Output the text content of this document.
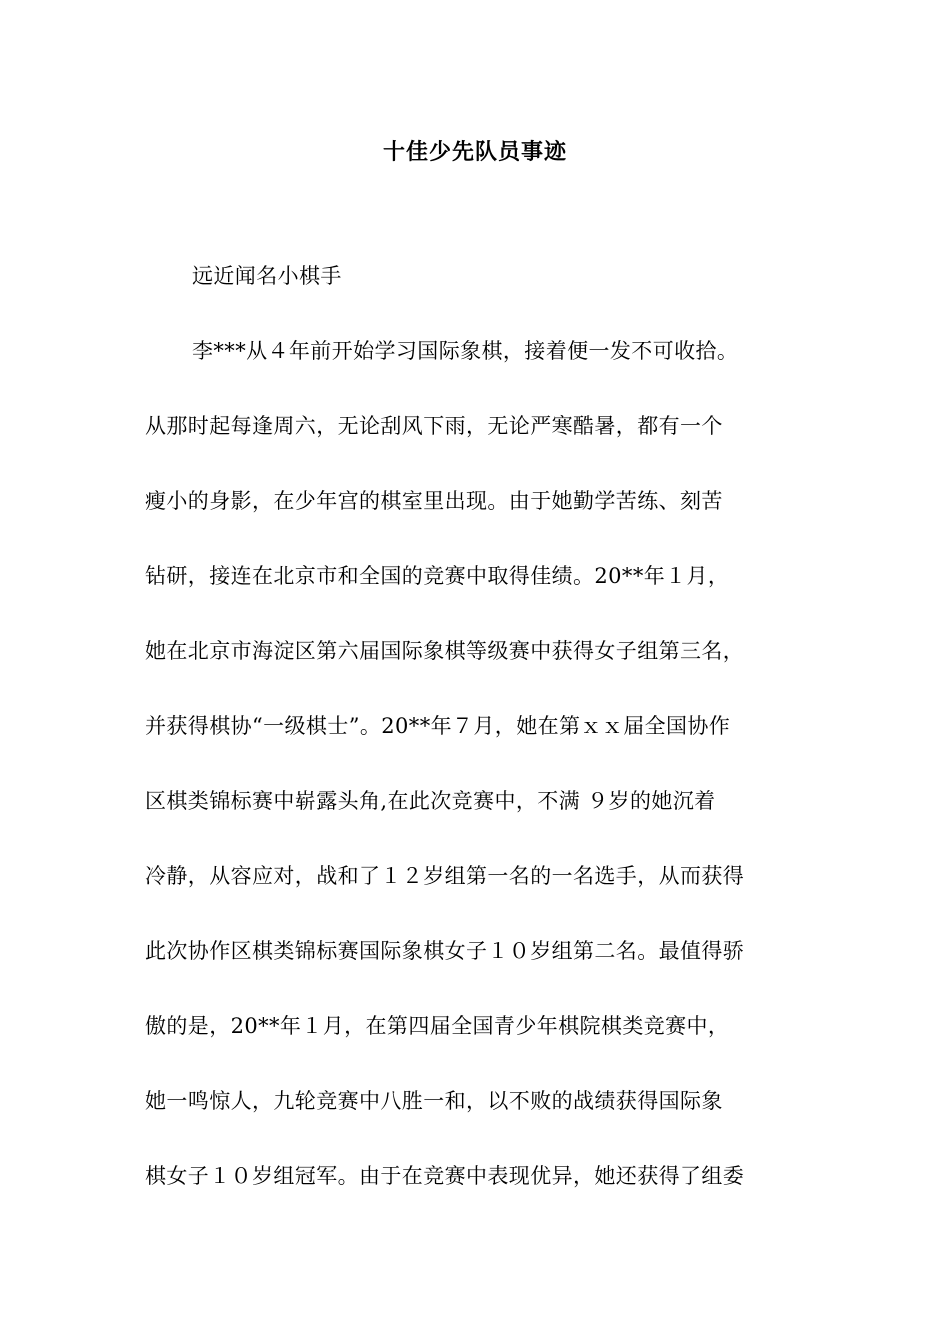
十佳少先队员事迹
远近闻名小棋手
李***从４年前开始学习国际象棋，接着便一发不可收拾。
从那时起每逢周六，无论刮风下雨，无论严寒酷暑，都有一个
瘦小的身影，在少年宫的棋室里出现。由于她勤学苦练、刻苦
钻研，接连在北京市和全国的竞赛中取得佳绩。20**年１月，
她在北京市海淀区第六届国际象棋等级赛中获得女子组第三名，
并获得棋协“一级棋士”。20**年７月，她在第ｘｘ届全国协作
区棋类锦标赛中崭露头角,在此次竞赛中，不满 ９岁的她沉着
冷静，从容应对，战和了１２岁组第一名的一名选手，从而获得
此次协作区棋类锦标赛国际象棋女子１０岁组第二名。最值得骄
傲的是，20**年１月，在第四届全国青少年棋院棋类竞赛中，
她一鸣惊人，九轮竞赛中八胜一和，以不败的战绩获得国际象
棋女子１０岁组冠军。由于在竞赛中表现优异，她还获得了组委
